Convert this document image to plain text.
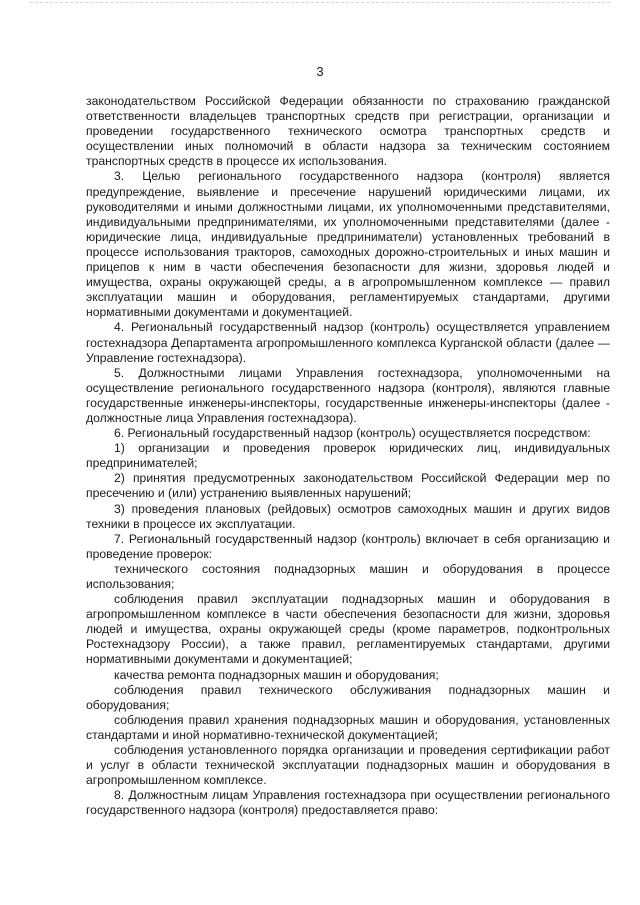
3

законодательством Российской Федерации обязанности по страхованию гражданской ответственности владельцев транспортных средств при регистрации, организации и проведении государственного технического осмотра транспортных средств и осуществлении иных полномочий в области надзора за техническим состоянием транспортных средств в процессе их использования.

3. Целью регионального государственного надзора (контроля) является предупреждение, выявление и пресечение нарушений юридическими лицами, их руководителями и иными должностными лицами, их уполномоченными представителями, индивидуальными предпринимателями, их уполномоченными представителями (далее - юридические лица, индивидуальные предприниматели) установленных требований в процессе использования тракторов, самоходных дорожно-строительных и иных машин и прицепов к ним в части обеспечения безопасности для жизни, здоровья людей и имущества, охраны окружающей среды, а в агропромышленном комплексе — правил эксплуатации машин и оборудования, регламентируемых стандартами, другими нормативными документами и документацией.

4. Региональный государственный надзор (контроль) осуществляется управлением гостехнадзора Департамента агропромышленного комплекса Курганской области (далее — Управление гостехнадзора).

5. Должностными лицами Управления гостехнадзора, уполномоченными на осуществление регионального государственного надзора (контроля), являются главные государственные инженеры-инспекторы, государственные инженеры-инспекторы (далее - должностные лица Управления гостехнадзора).

6. Региональный государственный надзор (контроль) осуществляется посредством:

1) организации и проведения проверок юридических лиц, индивидуальных предпринимателей;

2) принятия предусмотренных законодательством Российской Федерации мер по пресечению и (или) устранению выявленных нарушений;

3) проведения плановых (рейдовых) осмотров самоходных машин и других видов техники в процессе их эксплуатации.

7. Региональный государственный надзор (контроль) включает в себя организацию и проведение проверок:

технического состояния поднадзорных машин и оборудования в процессе использования;

соблюдения правил эксплуатации поднадзорных машин и оборудования в агропромышленном комплексе в части обеспечения безопасности для жизни, здоровья людей и имущества, охраны окружающей среды (кроме параметров, подконтрольных Ростехнадзору России), а также правил, регламентируемых стандартами, другими нормативными документами и документацией;

качества ремонта поднадзорных машин и оборудования;

соблюдения правил технического обслуживания поднадзорных машин и оборудования;

соблюдения правил хранения поднадзорных машин и оборудования, установленных стандартами и иной нормативно-технической документацией;

соблюдения установленного порядка организации и проведения сертификации работ и услуг в области технической эксплуатации поднадзорных машин и оборудования в агропромышленном комплексе.

8. Должностным лицам Управления гостехнадзора при осуществлении регионального государственного надзора (контроля) предоставляется право:
